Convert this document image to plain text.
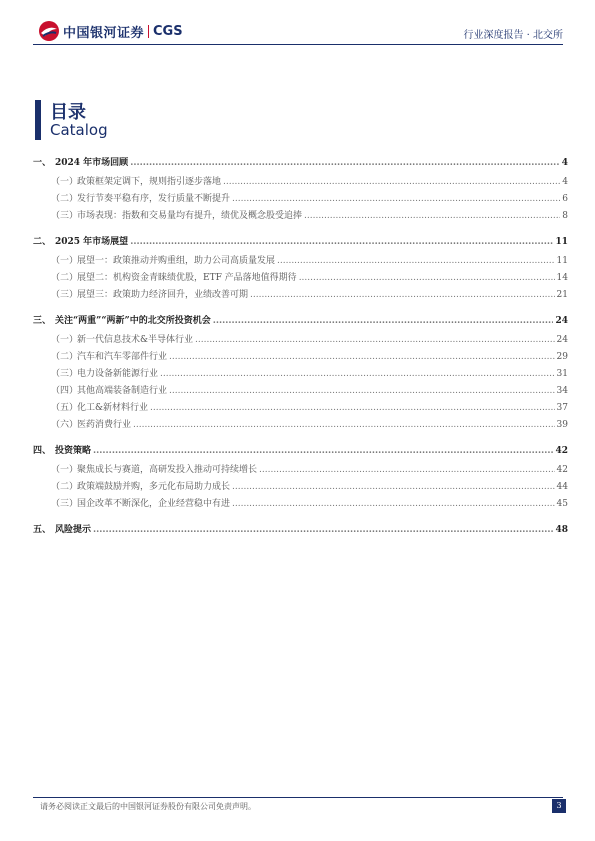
中国银河证券 CGS	行业深度报告 · 北交所
目录
Catalog
一、 2024 年市场回顾 .....	4
（一）
政策框架定调下，规则指引逐步落地 .....	4
（二）
发行节奏平稳有序，发行质量不断提升 .....	6
（三）
市场表现：指数和交易量均有提升，绩优及概念股受追捧 .....	8
二、 2025 年市场展望 .....	11
（一）
展望一：政策推动并购重组，助力公司高质量发展 .....	11
（二）
展望二：机构资金青睐绩优股，ETF 产品落地值得期待 .....	14
（三）
展望三：政策助力经济回升，业绩改善可期 .....	21
三、 关注“两重”“两新”中的北交所投资机会 .....	24
（一）
新一代信息技术&半导体行业 .....	24
（二）
汽车和汽车零部件行业 .....	29
（三）
电力设备新能源行业 .....	31
（四）
其他高端装备制造行业 .....	34
（五）
化工&新材料行业 .....	37
（六）
医药消费行业 .....	39
四、 投资策略 .....	42
（一）
聚焦成长与赛道，高研发投入推动可持续增长 .....	42
（二）
政策端鼓励并购，多元化布局助力成长 .....	44
（三）
国企改革不断深化，企业经营稳中有进 .....	45
五、 风险提示 .....	48
请务必阅读正文最后的中国银河证券股份有限公司免责声明。	3
